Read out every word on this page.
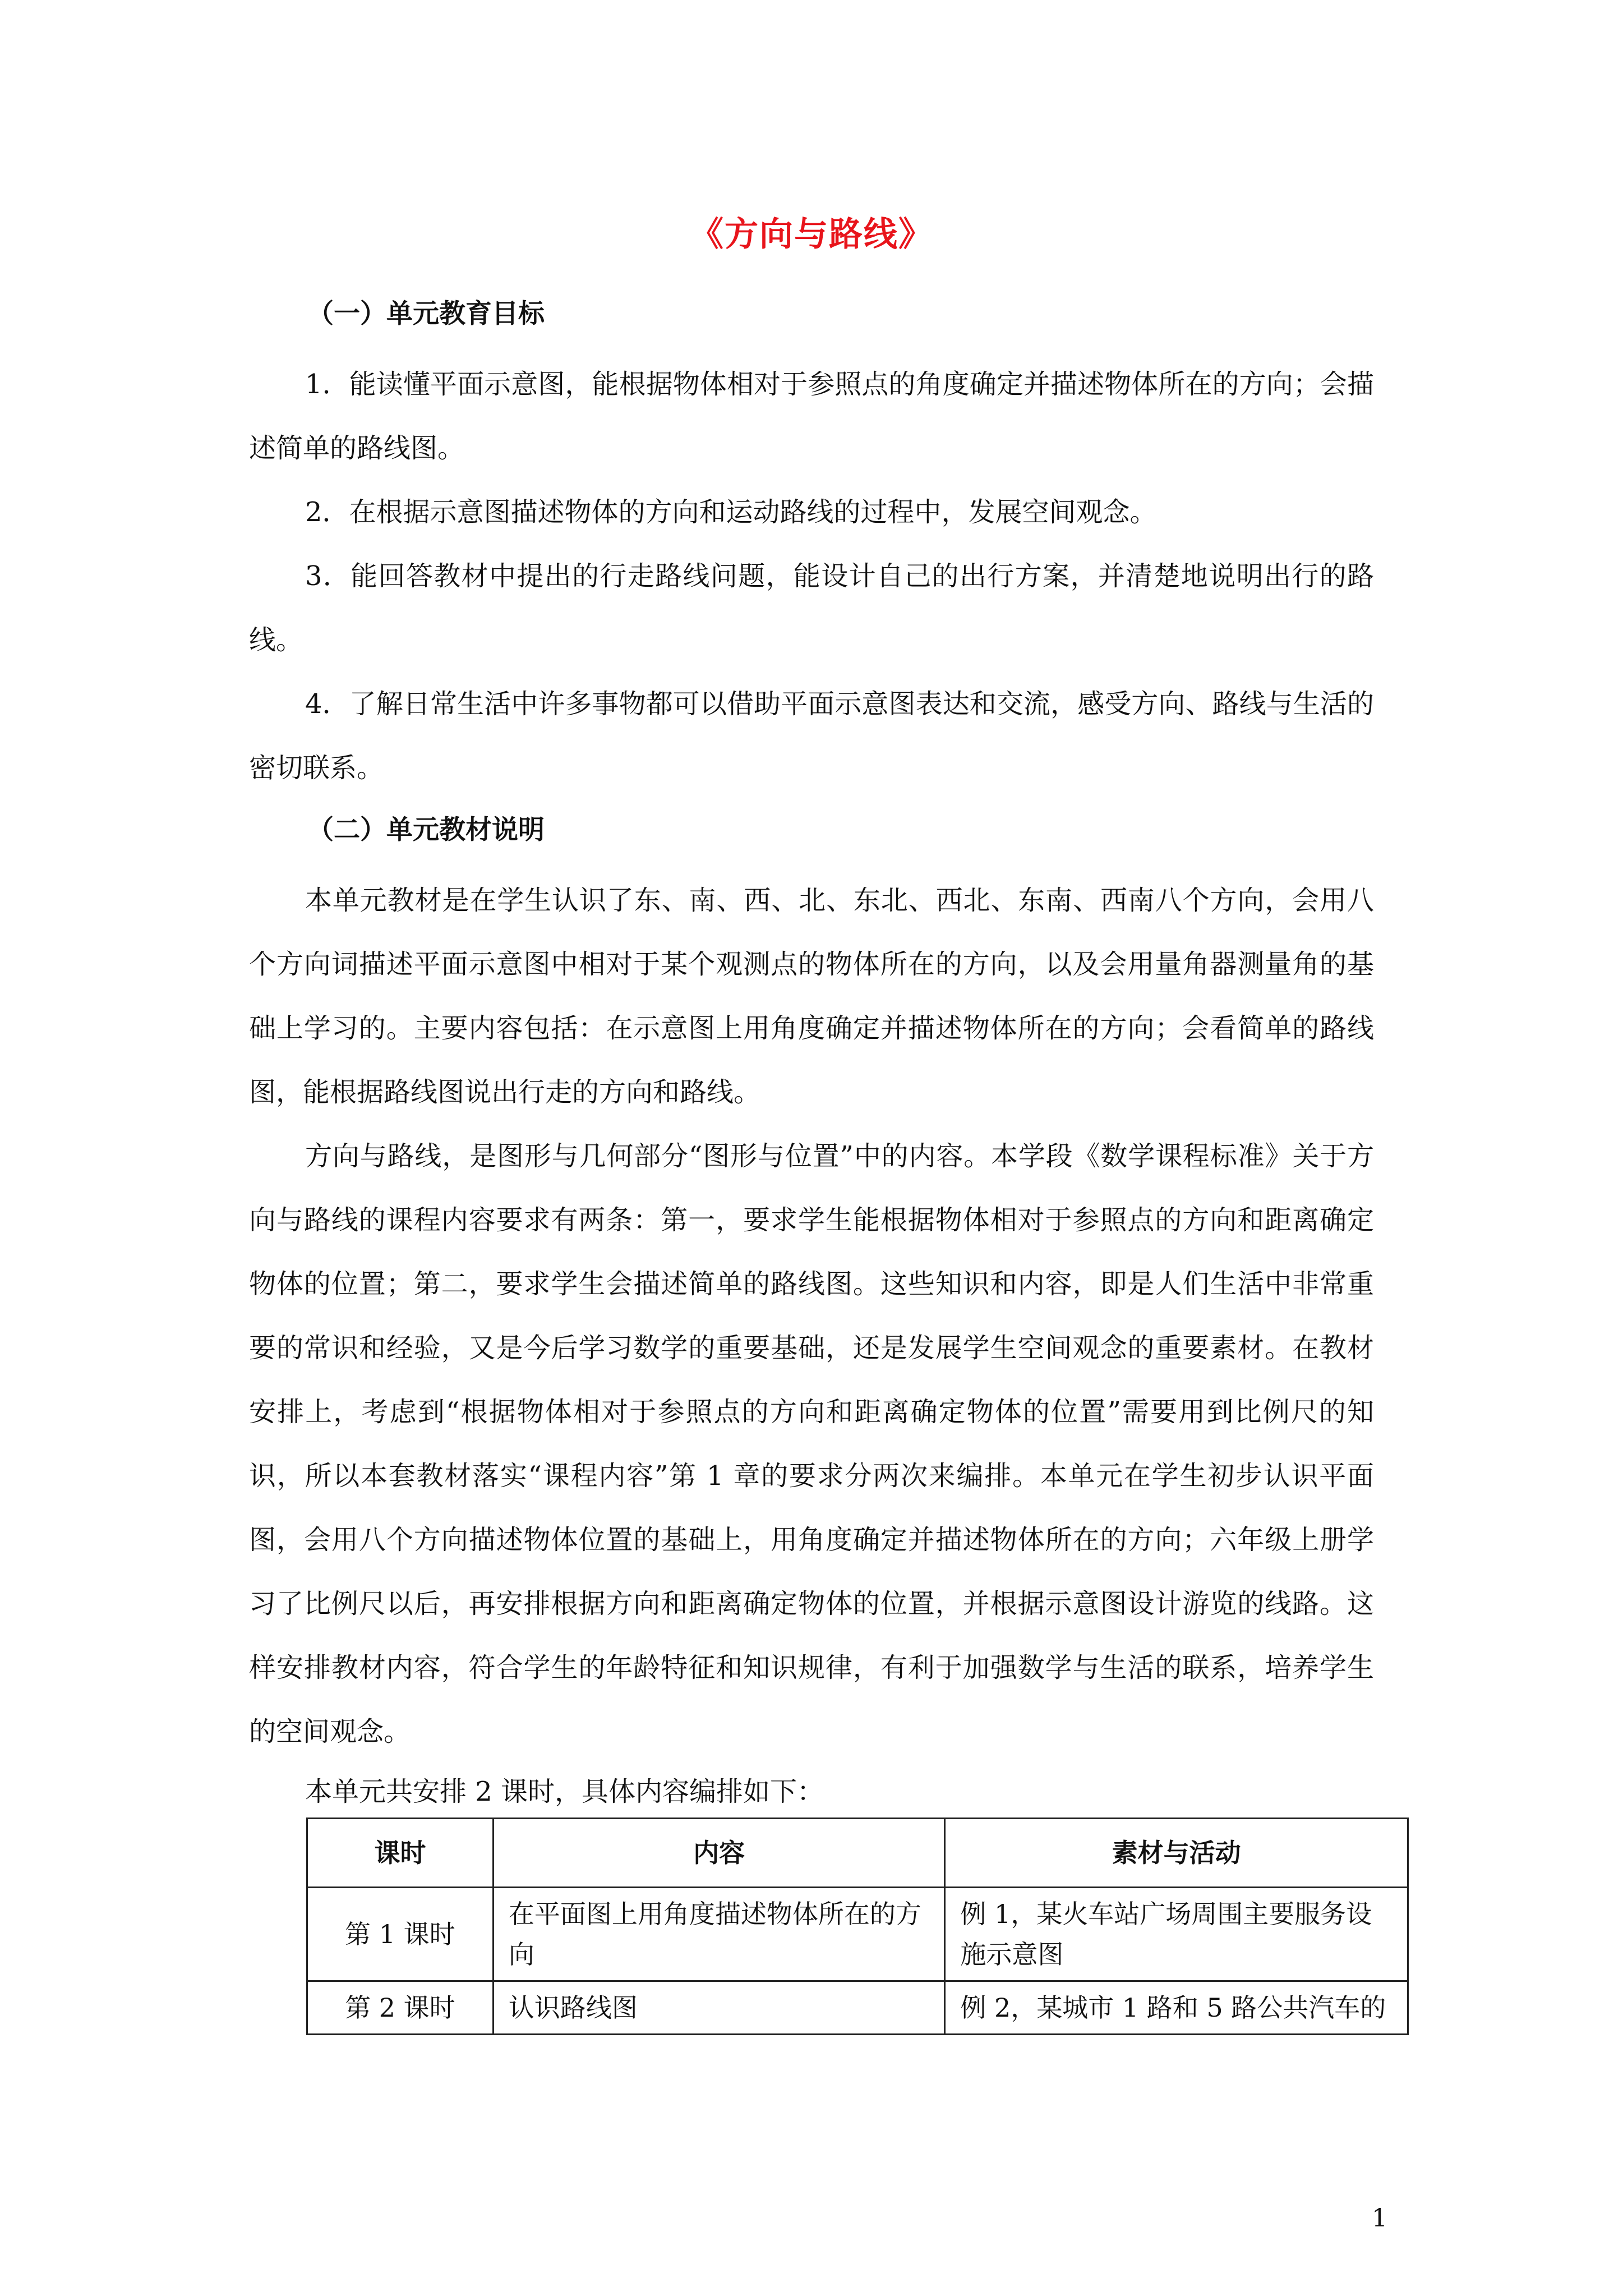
《方向与路线》
（一）单元教育目标

1．能读懂平面示意图，能根据物体相对于参照点的角度确定并描述物体所在的方向；会描述简单的路线图。

2．在根据示意图描述物体的方向和运动路线的过程中，发展空间观念。

3．能回答教材中提出的行走路线问题，能设计自己的出行方案，并清楚地说明出行的路线。

4．了解日常生活中许多事物都可以借助平面示意图表达和交流，感受方向、路线与生活的密切联系。

（二）单元教材说明

本单元教材是在学生认识了东、南、西、北、东北、西北、东南、西南八个方向，会用八个方向词描述平面示意图中相对于某个观测点的物体所在的方向，以及会用量角器测量角的基础上学习的。主要内容包括：在示意图上用角度确定并描述物体所在的方向；会看简单的路线图，能根据路线图说出行走的方向和路线。

方向与路线，是图形与几何部分“图形与位置”中的内容。本学段《数学课程标准》关于方向与路线的课程内容要求有两条：第一，要求学生能根据物体相对于参照点的方向和距离确定物体的位置；第二，要求学生会描述简单的路线图。这些知识和内容，即是人们生活中非常重要的常识和经验，又是今后学习数学的重要基础，还是发展学生空间观念的重要素材。在教材安排上，考虑到“根据物体相对于参照点的方向和距离确定物体的位置”需要用到比例尺的知识，所以本套教材落实“课程内容”第 1 章的要求分两次来编排。本单元在学生初步认识平面图，会用八个方向描述物体位置的基础上，用角度确定并描述物体所在的方向；六年级上册学习了比例尺以后，再安排根据方向和距离确定物体的位置，并根据示意图设计游览的线路。这样安排教材内容，符合学生的年龄特征和知识规律，有利于加强数学与生活的联系，培养学生的空间观念。

本单元共安排 2 课时，具体内容编排如下：

课时	内容	素材与活动
第 1 课时	在平面图上用角度描述物体所在的方向	例 1，某火车站广场周围主要服务设施示意图
第 2 课时	认识路线图	例 2，某城市 1 路和 5 路公共汽车的
1
